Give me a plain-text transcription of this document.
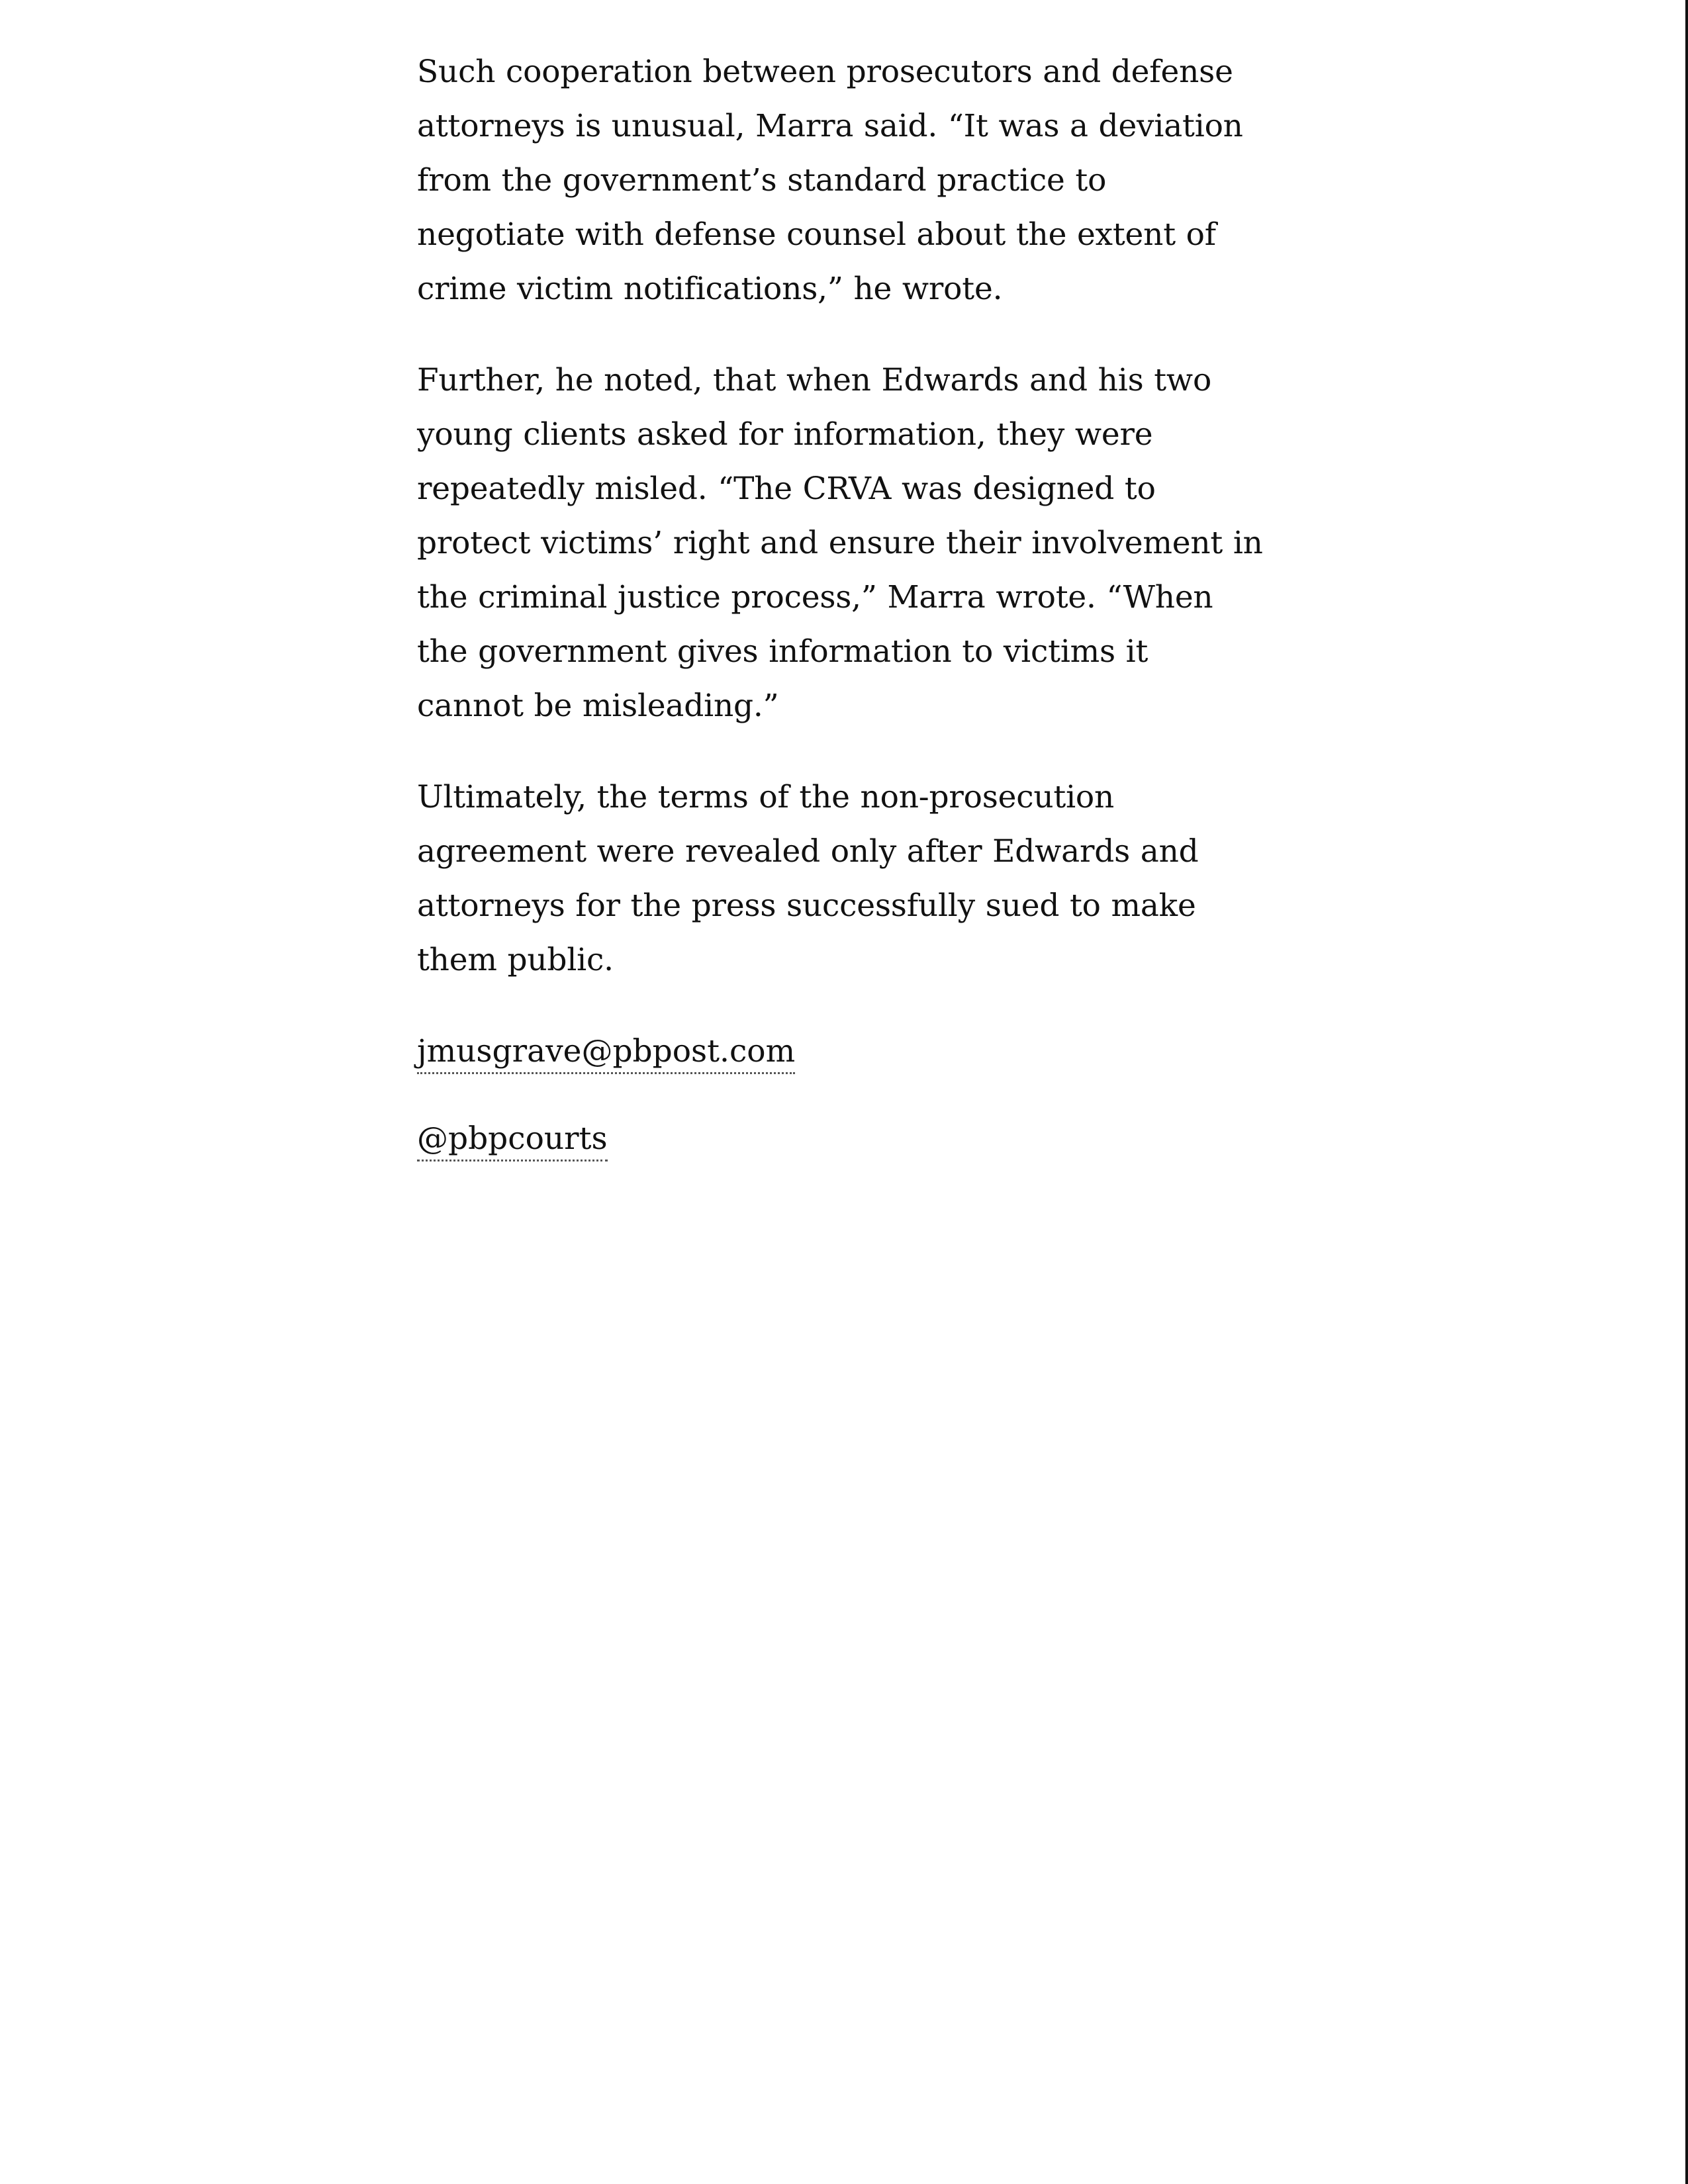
Such cooperation between prosecutors and defense attorneys is unusual, Marra said. “It was a deviation from the government’s standard practice to negotiate with defense counsel about the extent of crime victim notifications,” he wrote.

Further, he noted, that when Edwards and his two young clients asked for information, they were repeatedly misled. “The CRVA was designed to protect victims’ right and ensure their involvement in the criminal justice process,” Marra wrote. “When the government gives information to victims it cannot be misleading.”

Ultimately, the terms of the non-prosecution agreement were revealed only after Edwards and attorneys for the press successfully sued to make them public.

jmusgrave@pbpost.com

@pbpcourts
